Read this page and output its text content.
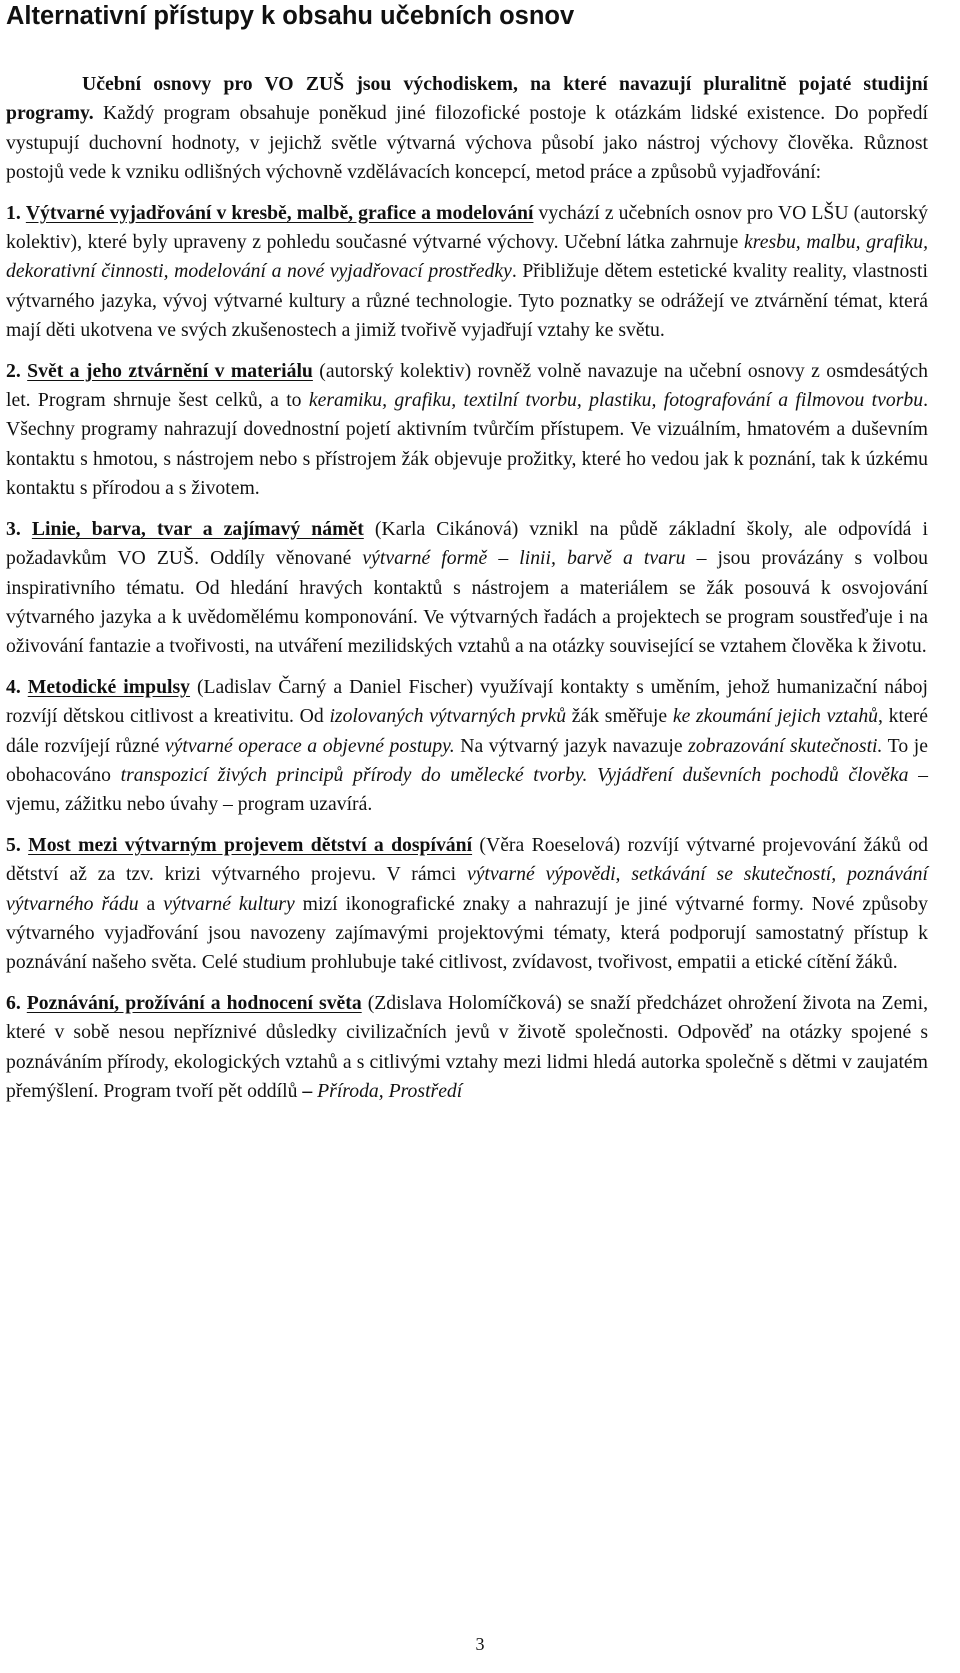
Alternativní přístupy k obsahu učebních osnov

Učební osnovy pro VO ZUŠ jsou východiskem, na které navazují pluralitně pojaté studijní programy. Každý program obsahuje poněkud jiné filozofické postoje k otázkám lidské existence. Do popředí vystupují duchovní hodnoty, v jejichž světle výtvarná výchova působí jako nástroj výchovy člověka. Různost postojů vede k vzniku odlišných výchovně vzdělávacích koncepcí, metod práce a způsobů vyjadřování:

1. Výtvarné vyjadřování v kresbě, malbě, grafice a modelování vychází z učebních osnov pro VO LŠU (autorský kolektiv), které byly upraveny z pohledu současné výtvarné výchovy. Učební látka zahrnuje kresbu, malbu, grafiku, dekorativní činnosti, modelování a nové vyjadřovací prostředky. Přibližuje dětem estetické kvality reality, vlastnosti výtvarného jazyka, vývoj výtvarné kultury a různé technologie. Tyto poznatky se odrážejí ve ztvárnění témat, která mají děti ukotvena ve svých zkušenostech a jimiž tvořivě vyjadřují vztahy ke světu.

2. Svět a jeho ztvárnění v materiálu (autorský kolektiv) rovněž volně navazuje na učební osnovy z osmdesátých let. Program shrnuje šest celků, a to keramiku, grafiku, textilní tvorbu, plastiku, fotografování a filmovou tvorbu. Všechny programy nahrazují dovednostní pojetí aktivním tvůrčím přístupem. Ve vizuálním, hmatovém a duševním kontaktu s hmotou, s nástrojem nebo s přístrojem žák objevuje prožitky, které ho vedou jak k poznání, tak k úzkému kontaktu s přírodou a s životem.

3. Linie, barva, tvar a zajímavý námět (Karla Cikánová) vznikl na půdě základní školy, ale odpovídá i požadavkům VO ZUŠ. Oddíly věnované výtvarné formě – linii, barvě a tvaru – jsou provázány s volbou inspirativního tématu. Od hledání hravých kontaktů s nástrojem a materiálem se žák posouvá k osvojování výtvarného jazyka a k uvědomělému komponování. Ve výtvarných řadách a projektech se program soustřeďuje i na oživování fantazie a tvořivosti, na utváření mezilidských vztahů a na otázky související se vztahem člověka k životu.

4. Metodické impulsy (Ladislav Čarný a Daniel Fischer) využívají kontakty s uměním, jehož humanizační náboj rozvíjí dětskou citlivost a kreativitu. Od izolovaných výtvarných prvků žák směřuje ke zkoumání jejich vztahů, které dále rozvíjejí různé výtvarné operace a objevné postupy. Na výtvarný jazyk navazuje zobrazování skutečnosti. To je obohacováno transpozicí živých principů přírody do umělecké tvorby. Vyjádření duševních pochodů člověka – vjemu, zážitku nebo úvahy – program uzavírá.

5. Most mezi výtvarným projevem dětství a dospívání (Věra Roeselová) rozvíjí výtvarné projevování žáků od dětství až za tzv. krizi výtvarného projevu. V rámci výtvarné výpovědi, setkávání se skutečností, poznávání výtvarného řádu a výtvarné kultury mizí ikonografické znaky a nahrazují je jiné výtvarné formy. Nové způsoby výtvarného vyjadřování jsou navozeny zajímavými projektovými tématy, která podporují samostatný přístup k poznávání našeho světa. Celé studium prohlubuje také citlivost, zvídavost, tvořivost, empatii a etické cítění žáků.

6. Poznávání, prožívání a hodnocení světa (Zdislava Holomíčková) se snaží předcházet ohrožení života na Zemi, které v sobě nesou nepříznivé důsledky civilizačních jevů v životě společnosti. Odpověď na otázky spojené s poznáváním přírody, ekologických vztahů a s citlivými vztahy mezi lidmi hledá autorka společně s dětmi v zaujatém přemýšlení. Program tvoří pět oddílů – Příroda, Prostředí

3
